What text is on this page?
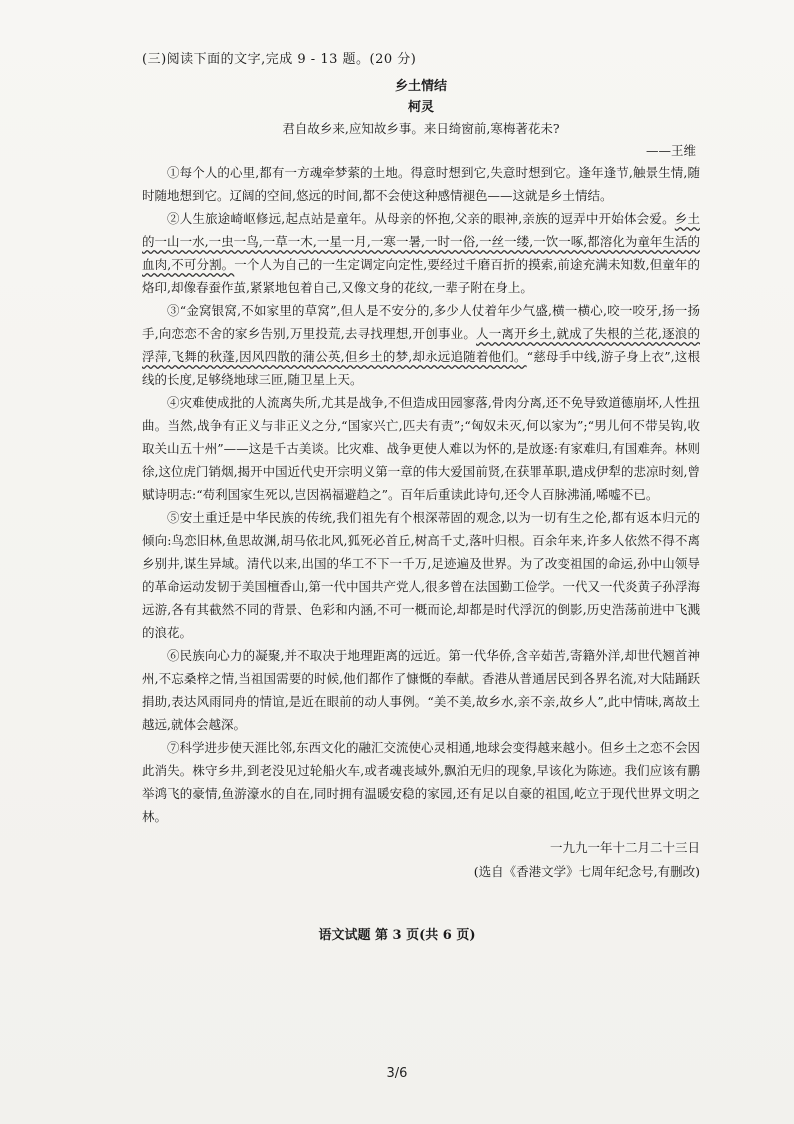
(三)阅读下面的文字,完成 9 - 13 题。(20 分)
乡土情结
柯灵
君自故乡来,应知故乡事。来日绮窗前,寒梅著花未?
——王维

①每个人的心里,都有一方魂牵梦萦的土地。得意时想到它,失意时想到它。逢年逢节,触景生情,随时随地想到它。辽阔的空间,悠远的时间,都不会使这种感情褪色——这就是乡土情结。

②人生旅途崎岖修远,起点站是童年。从母亲的怀抱,父亲的眼神,亲族的逗弄中开始体会爱。乡土的一山一水,一虫一鸟,一草一木,一星一月,一寒一暑,一时一俗,一丝一缕,一饮一啄,都溶化为童年生活的血肉,不可分割。一个人为自己的一生定调定向定性,要经过千磨百折的摸索,前途充满未知数,但童年的烙印,却像春蚕作茧,紧紧地包着自己,又像文身的花纹,一辈子附在身上。

③“金窝银窝,不如家里的草窝”,但人是不安分的,多少人仗着年少气盛,横一横心,咬一咬牙,扬一扬手,向恋恋不舍的家乡告别,万里投荒,去寻找理想,开创事业。人一离开乡土,就成了失根的兰花,逐浪的浮萍,飞舞的秋蓬,因风四散的蒲公英,但乡土的梦,却永远追随着他们。“慈母手中线,游子身上衣”,这根线的长度,足够绕地球三匝,随卫星上天。

④灾难使成批的人流离失所,尤其是战争,不但造成田园寥落,骨肉分离,还不免导致道德崩坏,人性扭曲。当然,战争有正义与非正义之分,“国家兴亡,匹夫有责”;“匈奴未灭,何以家为”;“男儿何不带吴钩,收取关山五十州”——这是千古美谈。比灾难、战争更使人难以为怀的,是放逐:有家难归,有国难奔。林则徐,这位虎门销烟,揭开中国近代史开宗明义第一章的伟大爱国前贤,在获罪革职,遣戍伊犁的悲凉时刻,曾赋诗明志:“苟利国家生死以,岂因祸福避趋之”。百年后重读此诗句,还令人百脉沸涌,唏嘘不已。

⑤安土重迁是中华民族的传统,我们祖先有个根深蒂固的观念,以为一切有生之伦,都有返本归元的倾向:鸟恋旧林,鱼思故渊,胡马依北风,狐死必首丘,树高千丈,落叶归根。百余年来,许多人依然不得不离乡别井,谋生异域。清代以来,出国的华工不下一千万,足迹遍及世界。为了改变祖国的命运,孙中山领导的革命运动发韧于美国檀香山,第一代中国共产党人,很多曾在法国勤工俭学。一代又一代炎黄子孙浮海远游,各有其截然不同的背景、色彩和内涵,不可一概而论,却都是时代浮沉的倒影,历史浩荡前进中飞溅的浪花。

⑥民族向心力的凝聚,并不取决于地理距离的远近。第一代华侨,含辛茹苦,寄籍外洋,却世代翘首神州,不忘桑梓之情,当祖国需要的时候,他们都作了慷慨的奉献。香港从普通居民到各界名流,对大陆踊跃捐助,表达风雨同舟的情谊,是近在眼前的动人事例。“美不美,故乡水,亲不亲,故乡人”,此中情味,离故土越远,就体会越深。

⑦科学进步使天涯比邻,东西文化的融汇交流使心灵相通,地球会变得越来越小。但乡土之恋不会因此消失。株守乡井,到老没见过轮船火车,或者魂丧域外,飘泊无归的现象,早该化为陈迹。我们应该有鹏举鸿飞的豪情,鱼游濠水的自在,同时拥有温暖安稳的家园,还有足以自豪的祖国,屹立于现代世界文明之林。

一九九一年十二月二十三日
(选自《香港文学》七周年纪念号,有删改)
语文试题 第 3 页(共 6 页)
3/6
